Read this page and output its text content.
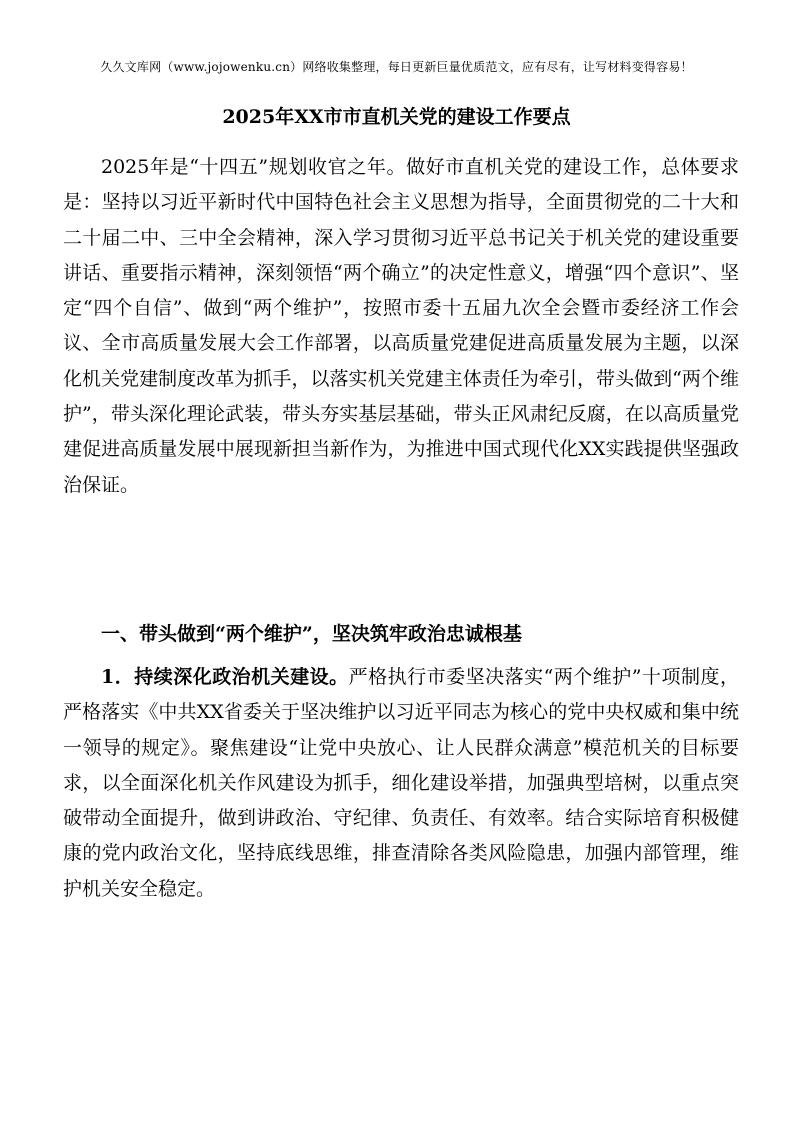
久久文库网（www.jojowenku.cn）网络收集整理，每日更新巨量优质范文，应有尽有，让写材料变得容易！
2025年XX市市直机关党的建设工作要点
2025年是“十四五”规划收官之年。做好市直机关党的建设工作，总体要求是：坚持以习近平新时代中国特色社会主义思想为指导，全面贯彻党的二十大和二十届二中、三中全会精神，深入学习贯彻习近平总书记关于机关党的建设重要讲话、重要指示精神，深刻领悟“两个确立”的决定性意义，增强“四个意识”、坚定“四个自信”、做到“两个维护”，按照市委十五届九次全会暨市委经济工作会议、全市高质量发展大会工作部署，以高质量党建促进高质量发展为主题，以深化机关党建制度改革为抓手，以落实机关党建主体责任为牵引，带头做到“两个维护”，带头深化理论武装，带头夯实基层基础，带头正风肃纪反腐，在以高质量党建促进高质量发展中展现新担当新作为，为推进中国式现代化XX实践提供坚强政治保证。
一、带头做到“两个维护”，坚决筑牢政治忠诚根基
1．持续深化政治机关建设。严格执行市委坚决落实“两个维护”十项制度，严格落实《中共XX省委关于坚决维护以习近平同志为核心的党中央权威和集中统一领导的规定》。聚焦建设“让党中央放心、让人民群众满意”模范机关的目标要求，以全面深化机关作风建设为抓手，细化建设举措，加强典型培树，以重点突破带动全面提升，做到讲政治、守纪律、负责任、有效率。结合实际培育积极健康的党内政治文化，坚持底线思维，排查清除各类风险隐患，加强内部管理，维护机关安全稳定。
